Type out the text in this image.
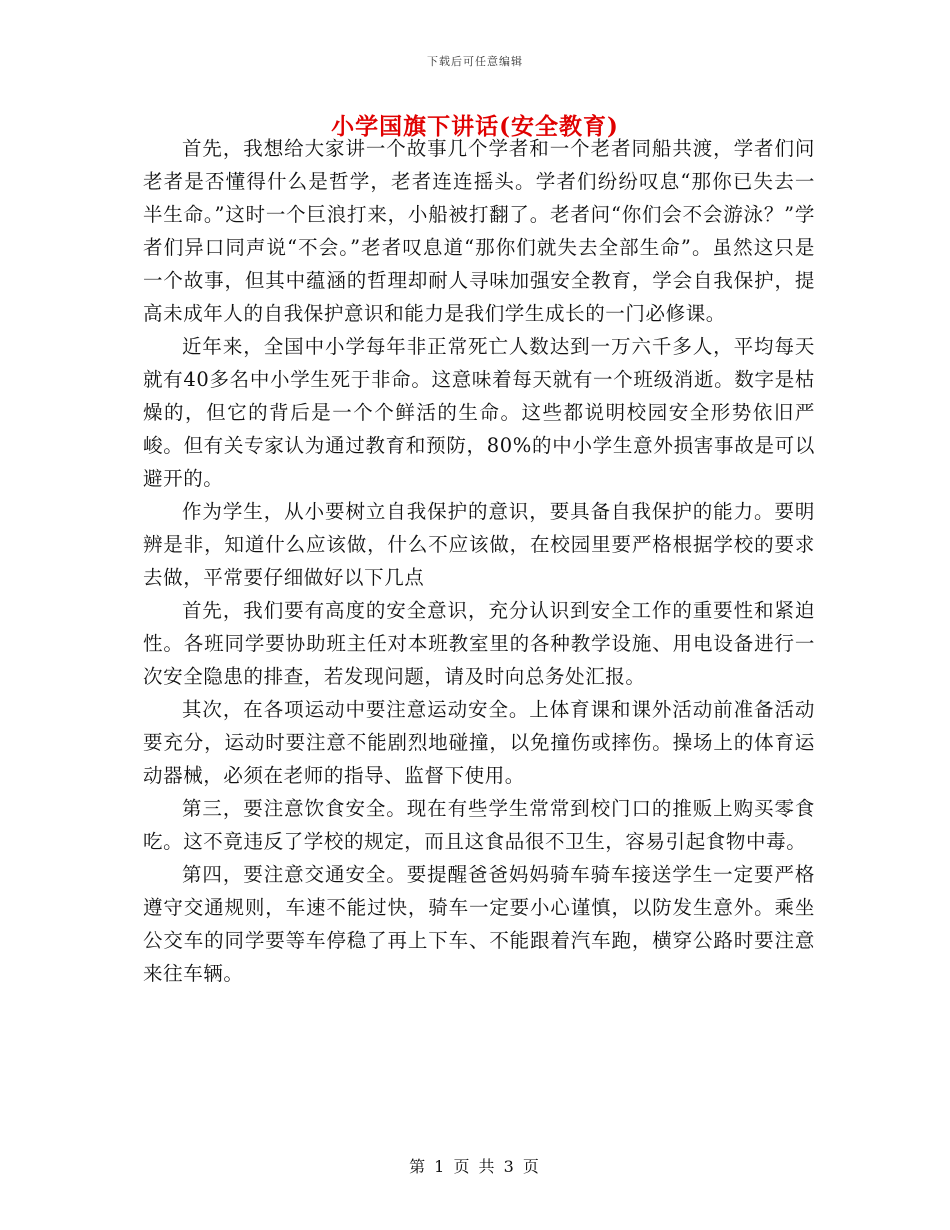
下载后可任意编辑
小学国旗下讲话(安全教育)

首先，我想给大家讲一个故事几个学者和一个老者同船共渡，学者们问老者是否懂得什么是哲学，老者连连摇头。学者们纷纷叹息“那你已失去一半生命。”这时一个巨浪打来，小船被打翻了。老者问“你们会不会游泳？”学者们异口同声说“不会。”老者叹息道“那你们就失去全部生命”。虽然这只是一个故事，但其中蕴涵的哲理却耐人寻味加强安全教育，学会自我保护，提高未成年人的自我保护意识和能力是我们学生成长的一门必修课。

近年来，全国中小学每年非正常死亡人数达到一万六千多人，平均每天就有40多名中小学生死于非命。这意味着每天就有一个班级消逝。数字是枯燥的，但它的背后是一个个鲜活的生命。这些都说明校园安全形势依旧严峻。但有关专家认为通过教育和预防，80%的中小学生意外损害事故是可以避开的。

作为学生，从小要树立自我保护的意识，要具备自我保护的能力。要明辨是非，知道什么应该做，什么不应该做，在校园里要严格根据学校的要求去做，平常要仔细做好以下几点

首先，我们要有高度的安全意识，充分认识到安全工作的重要性和紧迫性。各班同学要协助班主任对本班教室里的各种教学设施、用电设备进行一次安全隐患的排查，若发现问题，请及时向总务处汇报。

其次，在各项运动中要注意运动安全。上体育课和课外活动前准备活动要充分，运动时要注意不能剧烈地碰撞，以免撞伤或摔伤。操场上的体育运动器械，必须在老师的指导、监督下使用。

第三，要注意饮食安全。现在有些学生常常到校门口的推贩上购买零食吃。这不竟违反了学校的规定，而且这食品很不卫生，容易引起食物中毒。

第四，要注意交通安全。要提醒爸爸妈妈骑车骑车接送学生一定要严格遵守交通规则，车速不能过快，骑车一定要小心谨慎，以防发生意外。乘坐公交车的同学要等车停稳了再上下车、不能跟着汽车跑，横穿公路时要注意来往车辆。

第 1 页 共 3 页
